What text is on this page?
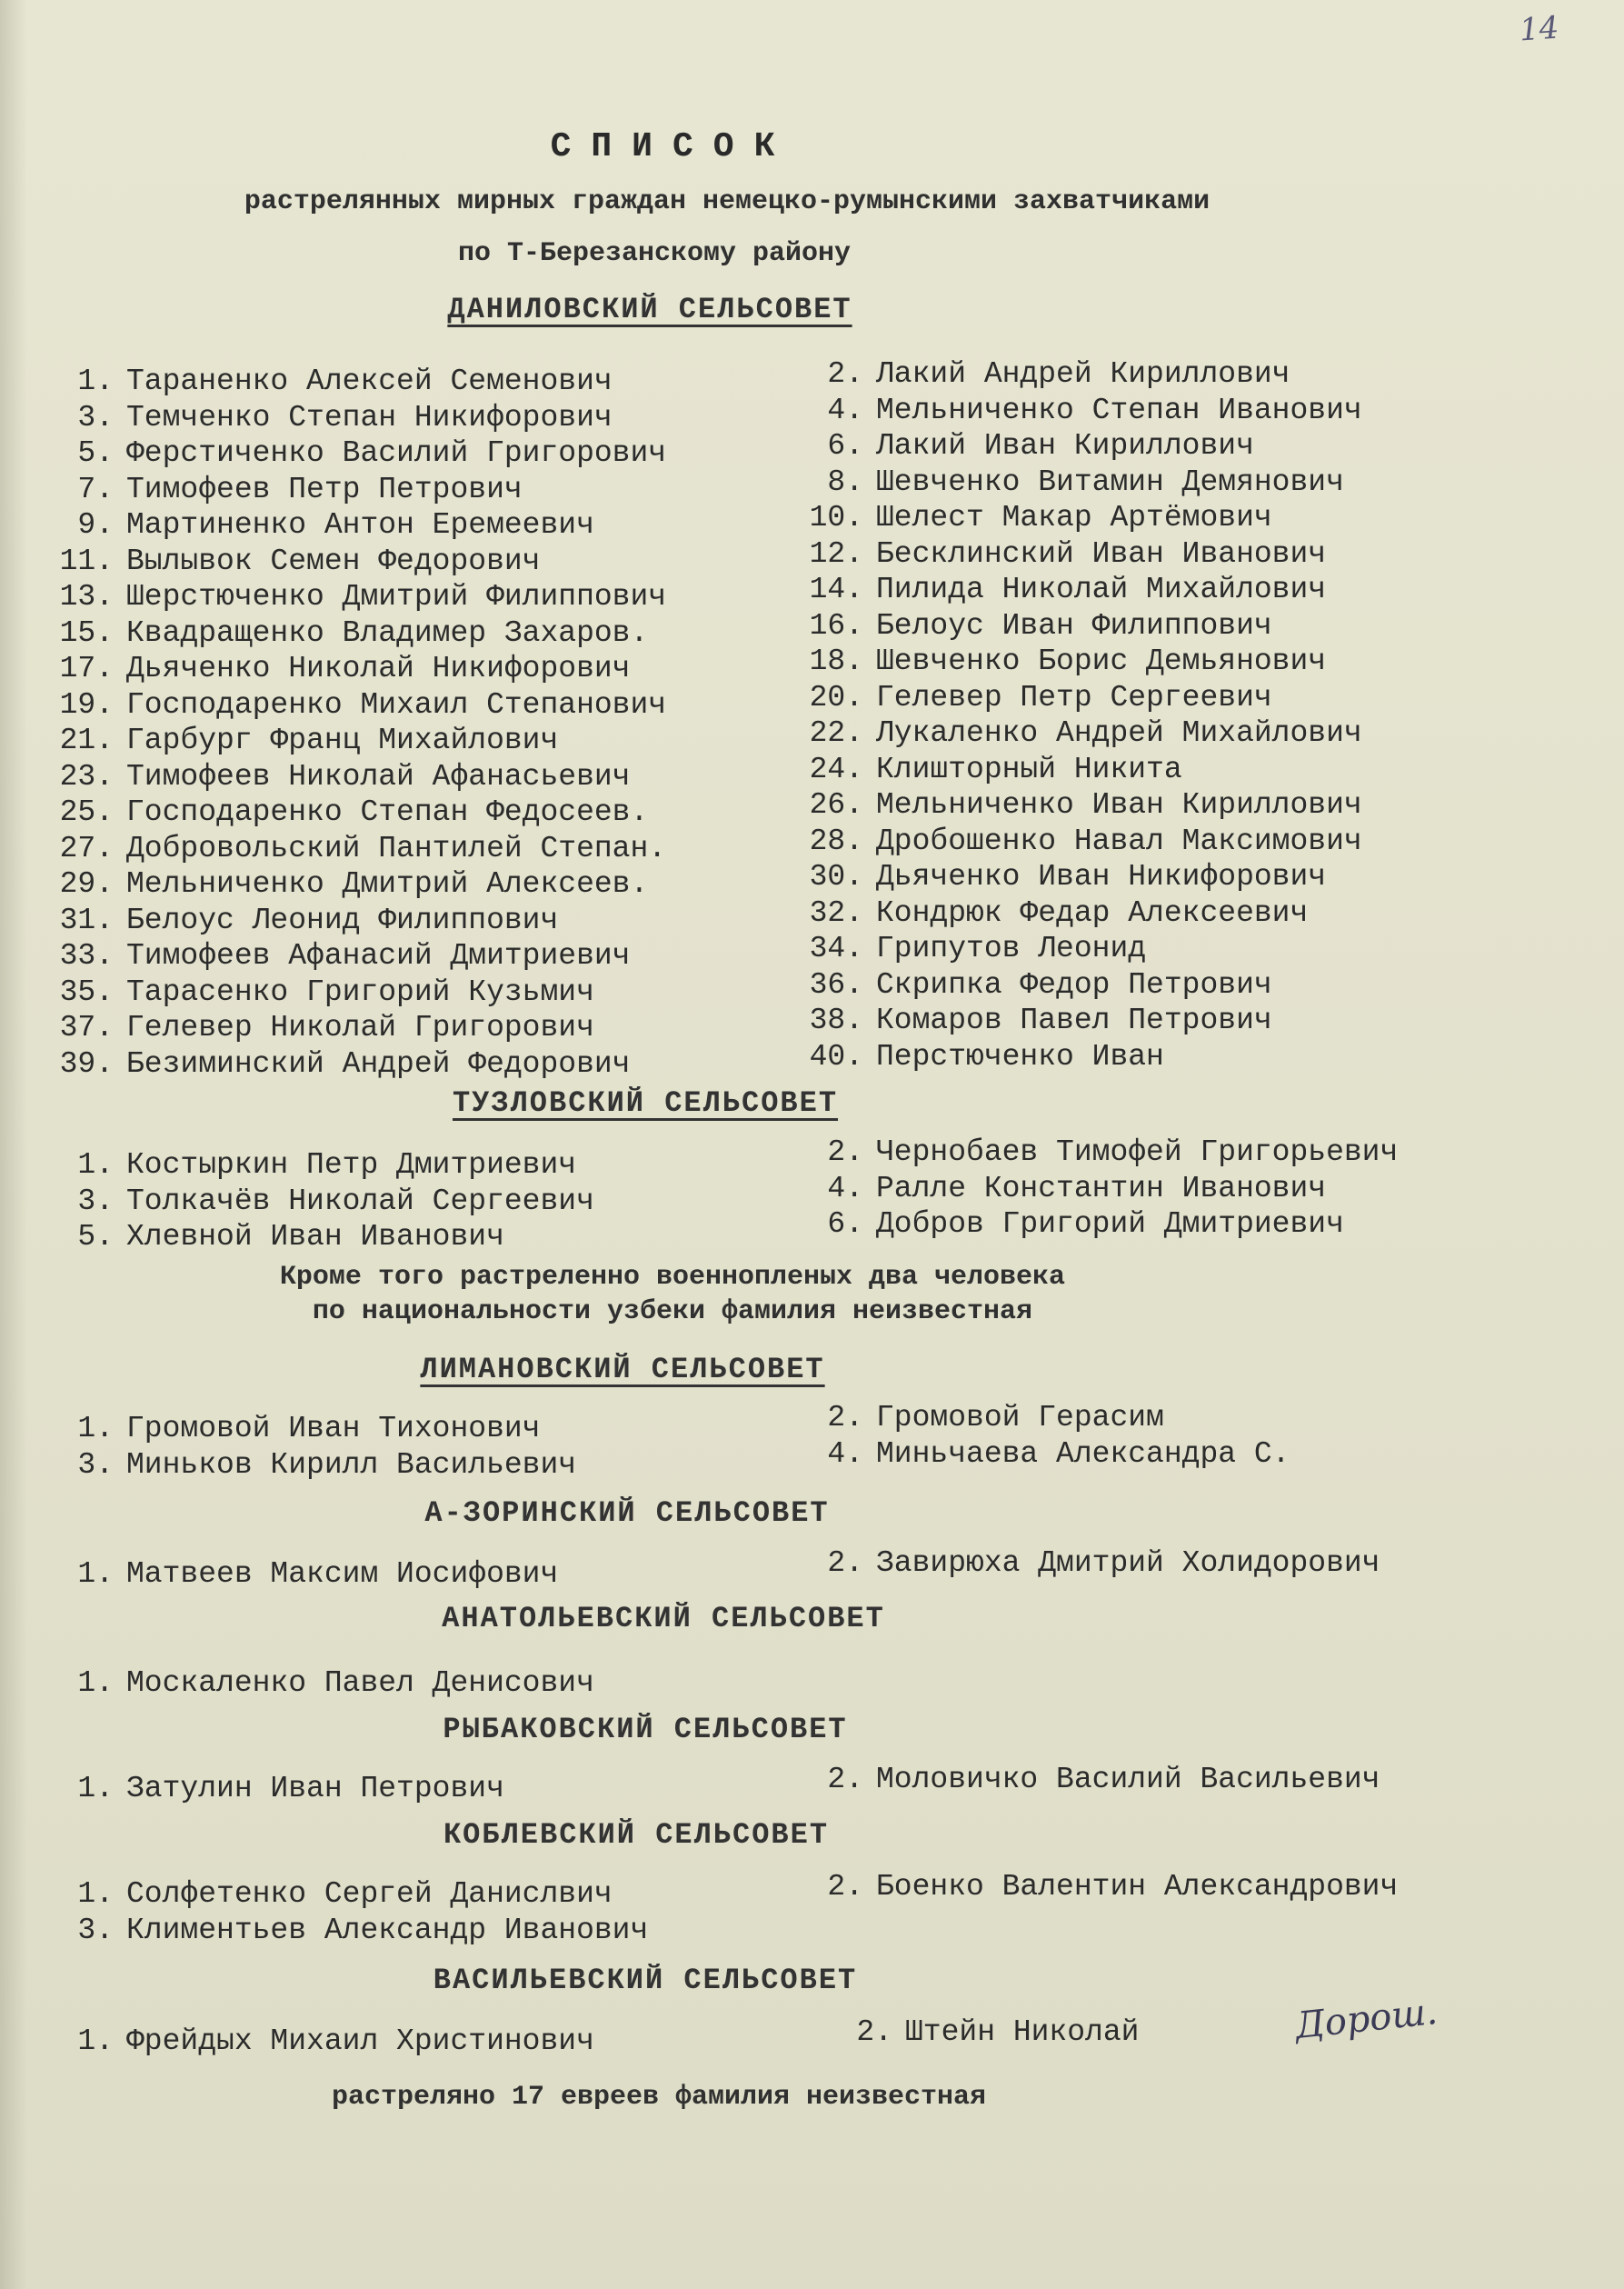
14
СПИСОК
растрелянных мирных граждан немецко-румынскими захватчиками
по Т-Березанскому району
ДАНИЛОВСКИЙ СЕЛЬСОВЕТ
1. Тараненко Алексей Семенович
3. Темченко Степан Никифорович
5. Ферстиченко Василий Григорович
7. Тимофеев Петр Петрович
9. Мартиненко Антон Еремеевич
11. Вылывок Семен Федорович
13. Шерстюченко Дмитрий Филиппович
15. Квадращенко Владимер Захаров.
17. Дьяченко Николай Никифорович
19. Господаренко Михаил Степанович
21. Гарбург Франц Михайлович
23. Тимофеев Николай Афанасьевич
25. Господаренко Степан Федосеев.
27. Добровольский Пантилей Степан.
29. Мельниченко Дмитрий Алексеев.
31. Белоус Леонид Филиппович
33. Тимофеев Афанасий Дмитриевич
35. Тарасенко Григорий Кузьмич
37. Гелевер Николай Григорович
39. Безиминский Андрей Федорович
2. Лакий Андрей Кириллович
4. Мельниченко Степан Иванович
6. Лакий Иван Кириллович
8. Шевченко Витамин Демянович
10. Шелест Макар Артёмович
12. Бесклинский Иван Иванович
14. Пилида Николай Михайлович
16. Белоус Иван Филиппович
18. Шевченко Борис Демьянович
20. Гелевер Петр Сергеевич
22. Лукаленко Андрей Михайлович
24. Клишторный Никита
26. Мельниченко Иван Кириллович
28. Дробошенко Навал Максимович
30. Дьяченко Иван Никифорович
32. Кондрюк Федар Алексеевич
34. Грипутов Леонид
36. Скрипка Федор Петрович
38. Комаров Павел Петрович
40. Перстюченко Иван
ТУЗЛОВСКИЙ СЕЛЬСОВЕТ
1. Костыркин Петр Дмитриевич
3. Толкачёв Николай Сергеевич
5. Хлевной Иван Иванович
2. Чернобаев Тимофей Григорьевич
4. Ралле Константин Иванович
6. Добров Григорий Дмитриевич
Кроме того растреленно военнопленых два человека
по национальности узбеки фамилия неизвестная
ЛИМАНОВСКИЙ СЕЛЬСОВЕТ
1. Громовой Иван Тихонович
3. Миньков Кирилл Васильевич
2. Громовой Герасим
4. Миньчаева Александра С.
А-ЗОРИНСКИЙ СЕЛЬСОВЕТ
1. Матвеев Максим Иосифович	2. Завирюха Дмитрий Холидорович
АНАТОЛЬЕВСКИЙ СЕЛЬСОВЕТ
1. Москаленко Павел Денисович
РЫБАКОВСКИЙ СЕЛЬСОВЕТ
1. Затулин Иван Петрович	2. Моловичко Василий Васильевич
КОБЛЕВСКИЙ СЕЛЬСОВЕТ
1. Солфетенко Сергей Данислвич
3. Климентьев Александр Иванович
2. Боенко Валентин Александрович
ВАСИЛЬЕВСКИЙ СЕЛЬСОВЕТ
1. Фрейдых Михаил Христинович	2. Штейн Николай	Дорош.
растреляно 17 евреев фамилия неизвестная
